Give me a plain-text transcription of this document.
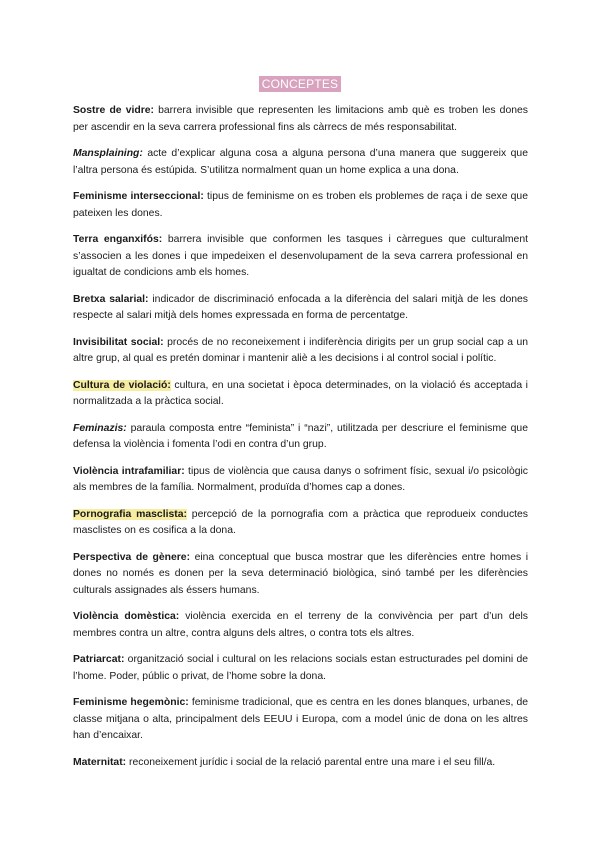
CONCEPTES

Sostre de vidre: barrera invisible que representen les limitacions amb què es troben les dones per ascendir en la seva carrera professional fins als càrrecs de més responsabilitat.

Mansplaining: acte d’explicar alguna cosa a alguna persona d’una manera que suggereix que l’altra persona és estúpida. S’utilitza normalment quan un home explica a una dona.

Feminisme interseccional: tipus de feminisme on es troben els problemes de raça i de sexe que pateixen les dones.

Terra enganxifós: barrera invisible que conformen les tasques i càrregues que culturalment s’associen a les dones i que impedeixen el desenvolupament de la seva carrera professional en igualtat de condicions amb els homes.

Bretxa salarial: indicador de discriminació enfocada a la diferència del salari mitjà de les dones respecte al salari mitjà dels homes expressada en forma de percentatge.

Invisibilitat social: procés de no reconeixement i indiferència dirigits per un grup social cap a un altre grup, al qual es pretén dominar i mantenir aliè a les decisions i al control social i polític.

Cultura de violació: cultura, en una societat i època determinades, on la violació és acceptada i normalitzada a la pràctica social.

Feminazis: paraula composta entre “feminista” i “nazi”, utilitzada per descriure el feminisme que defensa la violència i fomenta l’odi en contra d’un grup.

Violència intrafamiliar: tipus de violència que causa danys o sofriment físic, sexual i/o psicològic als membres de la família. Normalment, produïda d’homes cap a dones.

Pornografia masclista: percepció de la pornografia com a pràctica que reprodueix conductes masclistes on es cosifica a la dona.

Perspectiva de gènere: eina conceptual que busca mostrar que les diferències entre homes i dones no només es donen per la seva determinació biològica, sinó també per les diferències culturals assignades als éssers humans.

Violència domèstica: violència exercida en el terreny de la convivència per part d’un dels membres contra un altre, contra alguns dels altres, o contra tots els altres.

Patriarcat: organització social i cultural on les relacions socials estan estructurades pel domini de l’home. Poder, públic o privat, de l’home sobre la dona.

Feminisme hegemònic: feminisme tradicional, que es centra en les dones blanques, urbanes, de classe mitjana o alta, principalment dels EEUU i Europa, com a model únic de dona on les altres han d’encaixar.

Maternitat: reconeixement jurídic i social de la relació parental entre una mare i el seu fill/a.
